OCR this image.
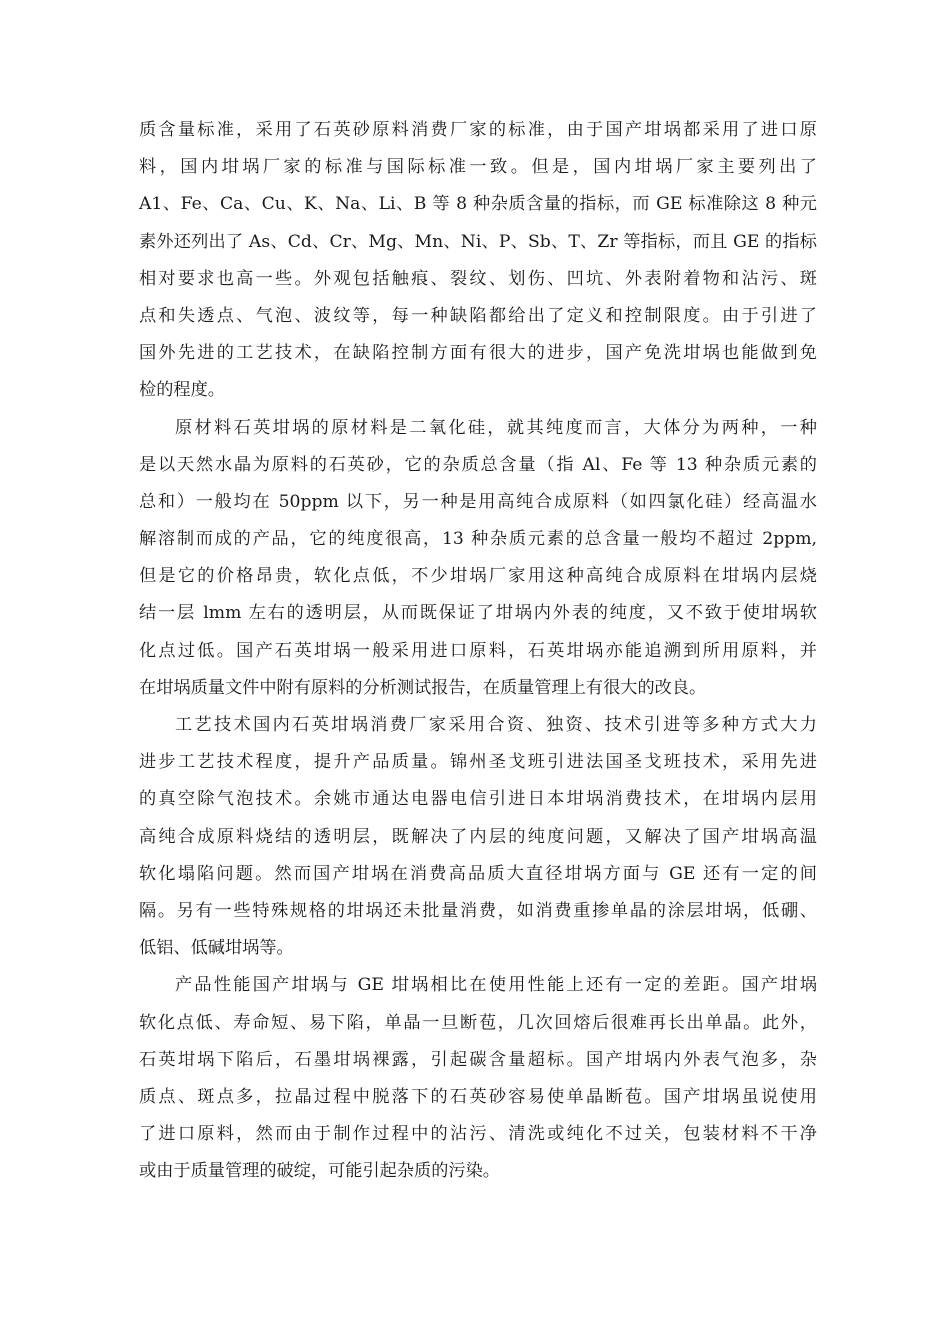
质含量标准，采用了石英砂原料消费厂家的标准，由于国产坩埚都采用了进口原
料，国内坩埚厂家的标准与国际标准一致。但是，国内坩埚厂家主要列出了
A1、Fe、Ca、Cu、K、Na、Li、B 等 8 种杂质含量的指标，而 GE 标准除这 8 种元
素外还列出了 As、Cd、Cr、Mg、Mn、Ni、P、Sb、T、Zr 等指标，而且 GE 的指标
相对要求也高一些。外观包括触痕、裂纹、划伤、凹坑、外表附着物和沾污、斑
点和失透点、气泡、波纹等，每一种缺陷都给出了定义和控制限度。由于引进了
国外先进的工艺技术，在缺陷控制方面有很大的进步，国产免洗坩埚也能做到免
检的程度。
原材料石英坩埚的原材料是二氧化硅，就其纯度而言，大体分为两种，一种
是以天然水晶为原料的石英砂，它的杂质总含量（指 Al、Fe 等 13 种杂质元素的
总和）一般均在 50ppm 以下，另一种是用高纯合成原料（如四氯化硅）经高温水
解溶制而成的产品，它的纯度很高，13 种杂质元素的总含量一般均不超过 2ppm,
但是它的价格昂贵，软化点低，不少坩埚厂家用这种高纯合成原料在坩埚内层烧
结一层 lmm 左右的透明层，从而既保证了坩埚内外表的纯度，又不致于使坩埚软
化点过低。国产石英坩埚一般采用进口原料，石英坩埚亦能追溯到所用原料，并
在坩埚质量文件中附有原料的分析测试报告，在质量管理上有很大的改良。
工艺技术国内石英坩埚消费厂家采用合资、独资、技术引进等多种方式大力
进步工艺技术程度，提升产品质量。锦州圣戈班引进法国圣戈班技术，采用先进
的真空除气泡技术。余姚市通达电器电信引进日本坩埚消费技术，在坩埚内层用
高纯合成原料烧结的透明层，既解决了内层的纯度问题，又解决了国产坩埚高温
软化塌陷问题。然而国产坩埚在消费高品质大直径坩埚方面与 GE 还有一定的间
隔。另有一些特殊规格的坩埚还未批量消费，如消费重掺单晶的涂层坩埚，低硼、
低铝、低碱坩埚等。
产品性能国产坩埚与 GE 坩埚相比在使用性能上还有一定的差距。国产坩埚
软化点低、寿命短、易下陷，单晶一旦断苞，几次回熔后很难再长出单晶。此外，
石英坩埚下陷后，石墨坩埚裸露，引起碳含量超标。国产坩埚内外表气泡多，杂
质点、斑点多，拉晶过程中脱落下的石英砂容易使单晶断苞。国产坩埚虽说使用
了进口原料，然而由于制作过程中的沾污、清洗或纯化不过关，包装材料不干净
或由于质量管理的破绽，可能引起杂质的污染。
